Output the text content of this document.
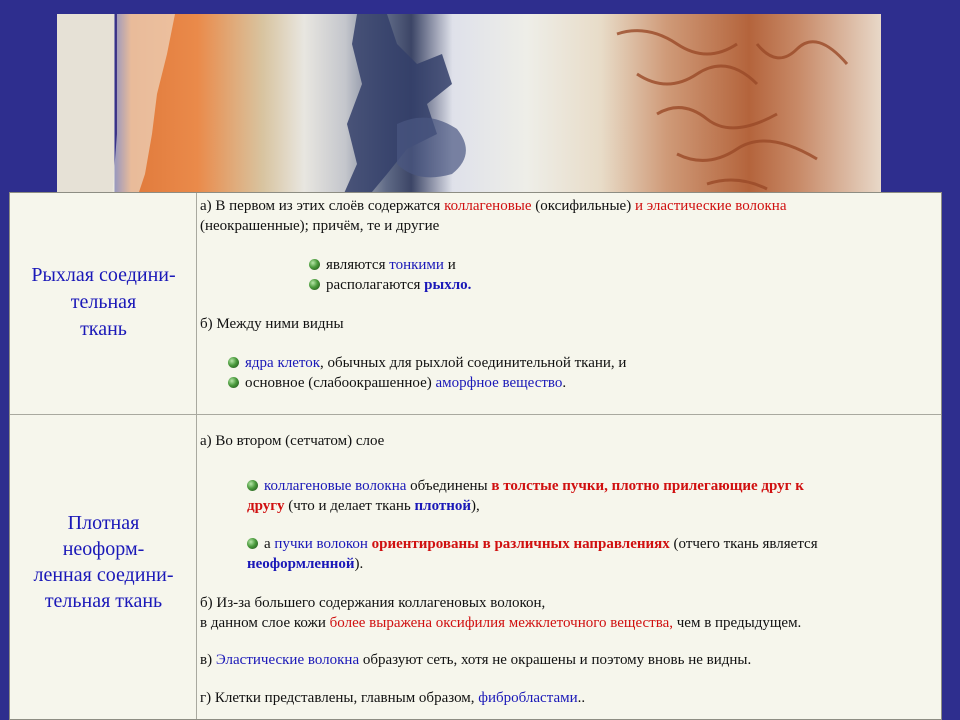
Рыхлая соедини-
тельная
ткань
а) В первом из этих слоёв содержатся коллагеновые (оксифильные) и эластические волокна
(неокрашенные); причём, те и другие
являются тонкими и
располагаются рыхло.
б) Между ними видны
ядра клеток, обычных для рыхлой соединительной ткани, и
основное (слабоокрашенное) аморфное вещество.
Плотная
неоформ-
ленная соедини-
тельная ткань
а) Во втором (сетчатом) слое
коллагеновые волокна объединены в толстые пучки, плотно прилегающие друг к
другу (что и делает ткань плотной),
а пучки волокон ориентированы в различных направлениях (отчего ткань является
неоформленной).
б) Из-за большего содержания коллагеновых волокон,
в данном слое кожи более выражена оксифилия межклеточного вещества, чем в предыдущем.
в) Эластические волокна образуют сеть, хотя не окрашены и поэтому вновь не видны.
г) Клетки представлены, главным образом, фибробластами..
